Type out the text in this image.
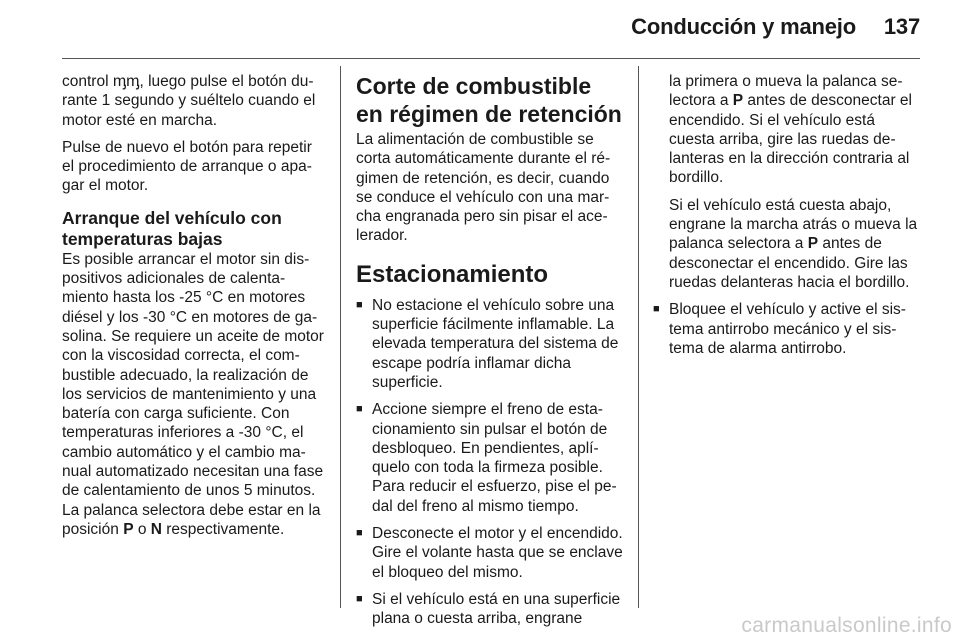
Conducción y manejo 137

control ᶆᶆ, luego pulse el botón durante 1 segundo y suéltelo cuando el motor esté en marcha.

Pulse de nuevo el botón para repetir el procedimiento de arranque o apagar el motor.

Arranque del vehículo con temperaturas bajas

Es posible arrancar el motor sin dispositivos adicionales de calentamiento hasta los -25 °C en motores diésel y los -30 °C en motores de gasolina. Se requiere un aceite de motor con la viscosidad correcta, el combustible adecuado, la realización de los servicios de mantenimiento y una batería con carga suficiente. Con temperaturas inferiores a -30 °C, el cambio automático y el cambio manual automatizado necesitan una fase de calentamiento de unos 5 minutos. La palanca selectora debe estar en la posición P o N respectivamente.

Corte de combustible en régimen de retención

La alimentación de combustible se corta automáticamente durante el régimen de retención, es decir, cuando se conduce el vehículo con una marcha engranada pero sin pisar el acelerador.

Estacionamiento
■ No estacione el vehículo sobre una superficie fácilmente inflamable. La elevada temperatura del sistema de escape podría inflamar dicha superficie.
■ Accione siempre el freno de estacionamiento sin pulsar el botón de desbloqueo. En pendientes, aplíquelo con toda la firmeza posible. Para reducir el esfuerzo, pise el pedal del freno al mismo tiempo.
■ Desconecte el motor y el encendido. Gire el volante hasta que se enclave el bloqueo del mismo.
■ Si el vehículo está en una superficie plana o cuesta arriba, engrane

la primera o mueva la palanca selectora a P antes de desconectar el encendido. Si el vehículo está cuesta arriba, gire las ruedas delanteras en la dirección contraria al bordillo.

Si el vehículo está cuesta abajo, engrane la marcha atrás o mueva la palanca selectora a P antes de desconectar el encendido. Gire las ruedas delanteras hacia el bordillo.

■ Bloquee el vehículo y active el sistema antirrobo mecánico y el sistema de alarma antirrobo.
carmanualsonline.info
